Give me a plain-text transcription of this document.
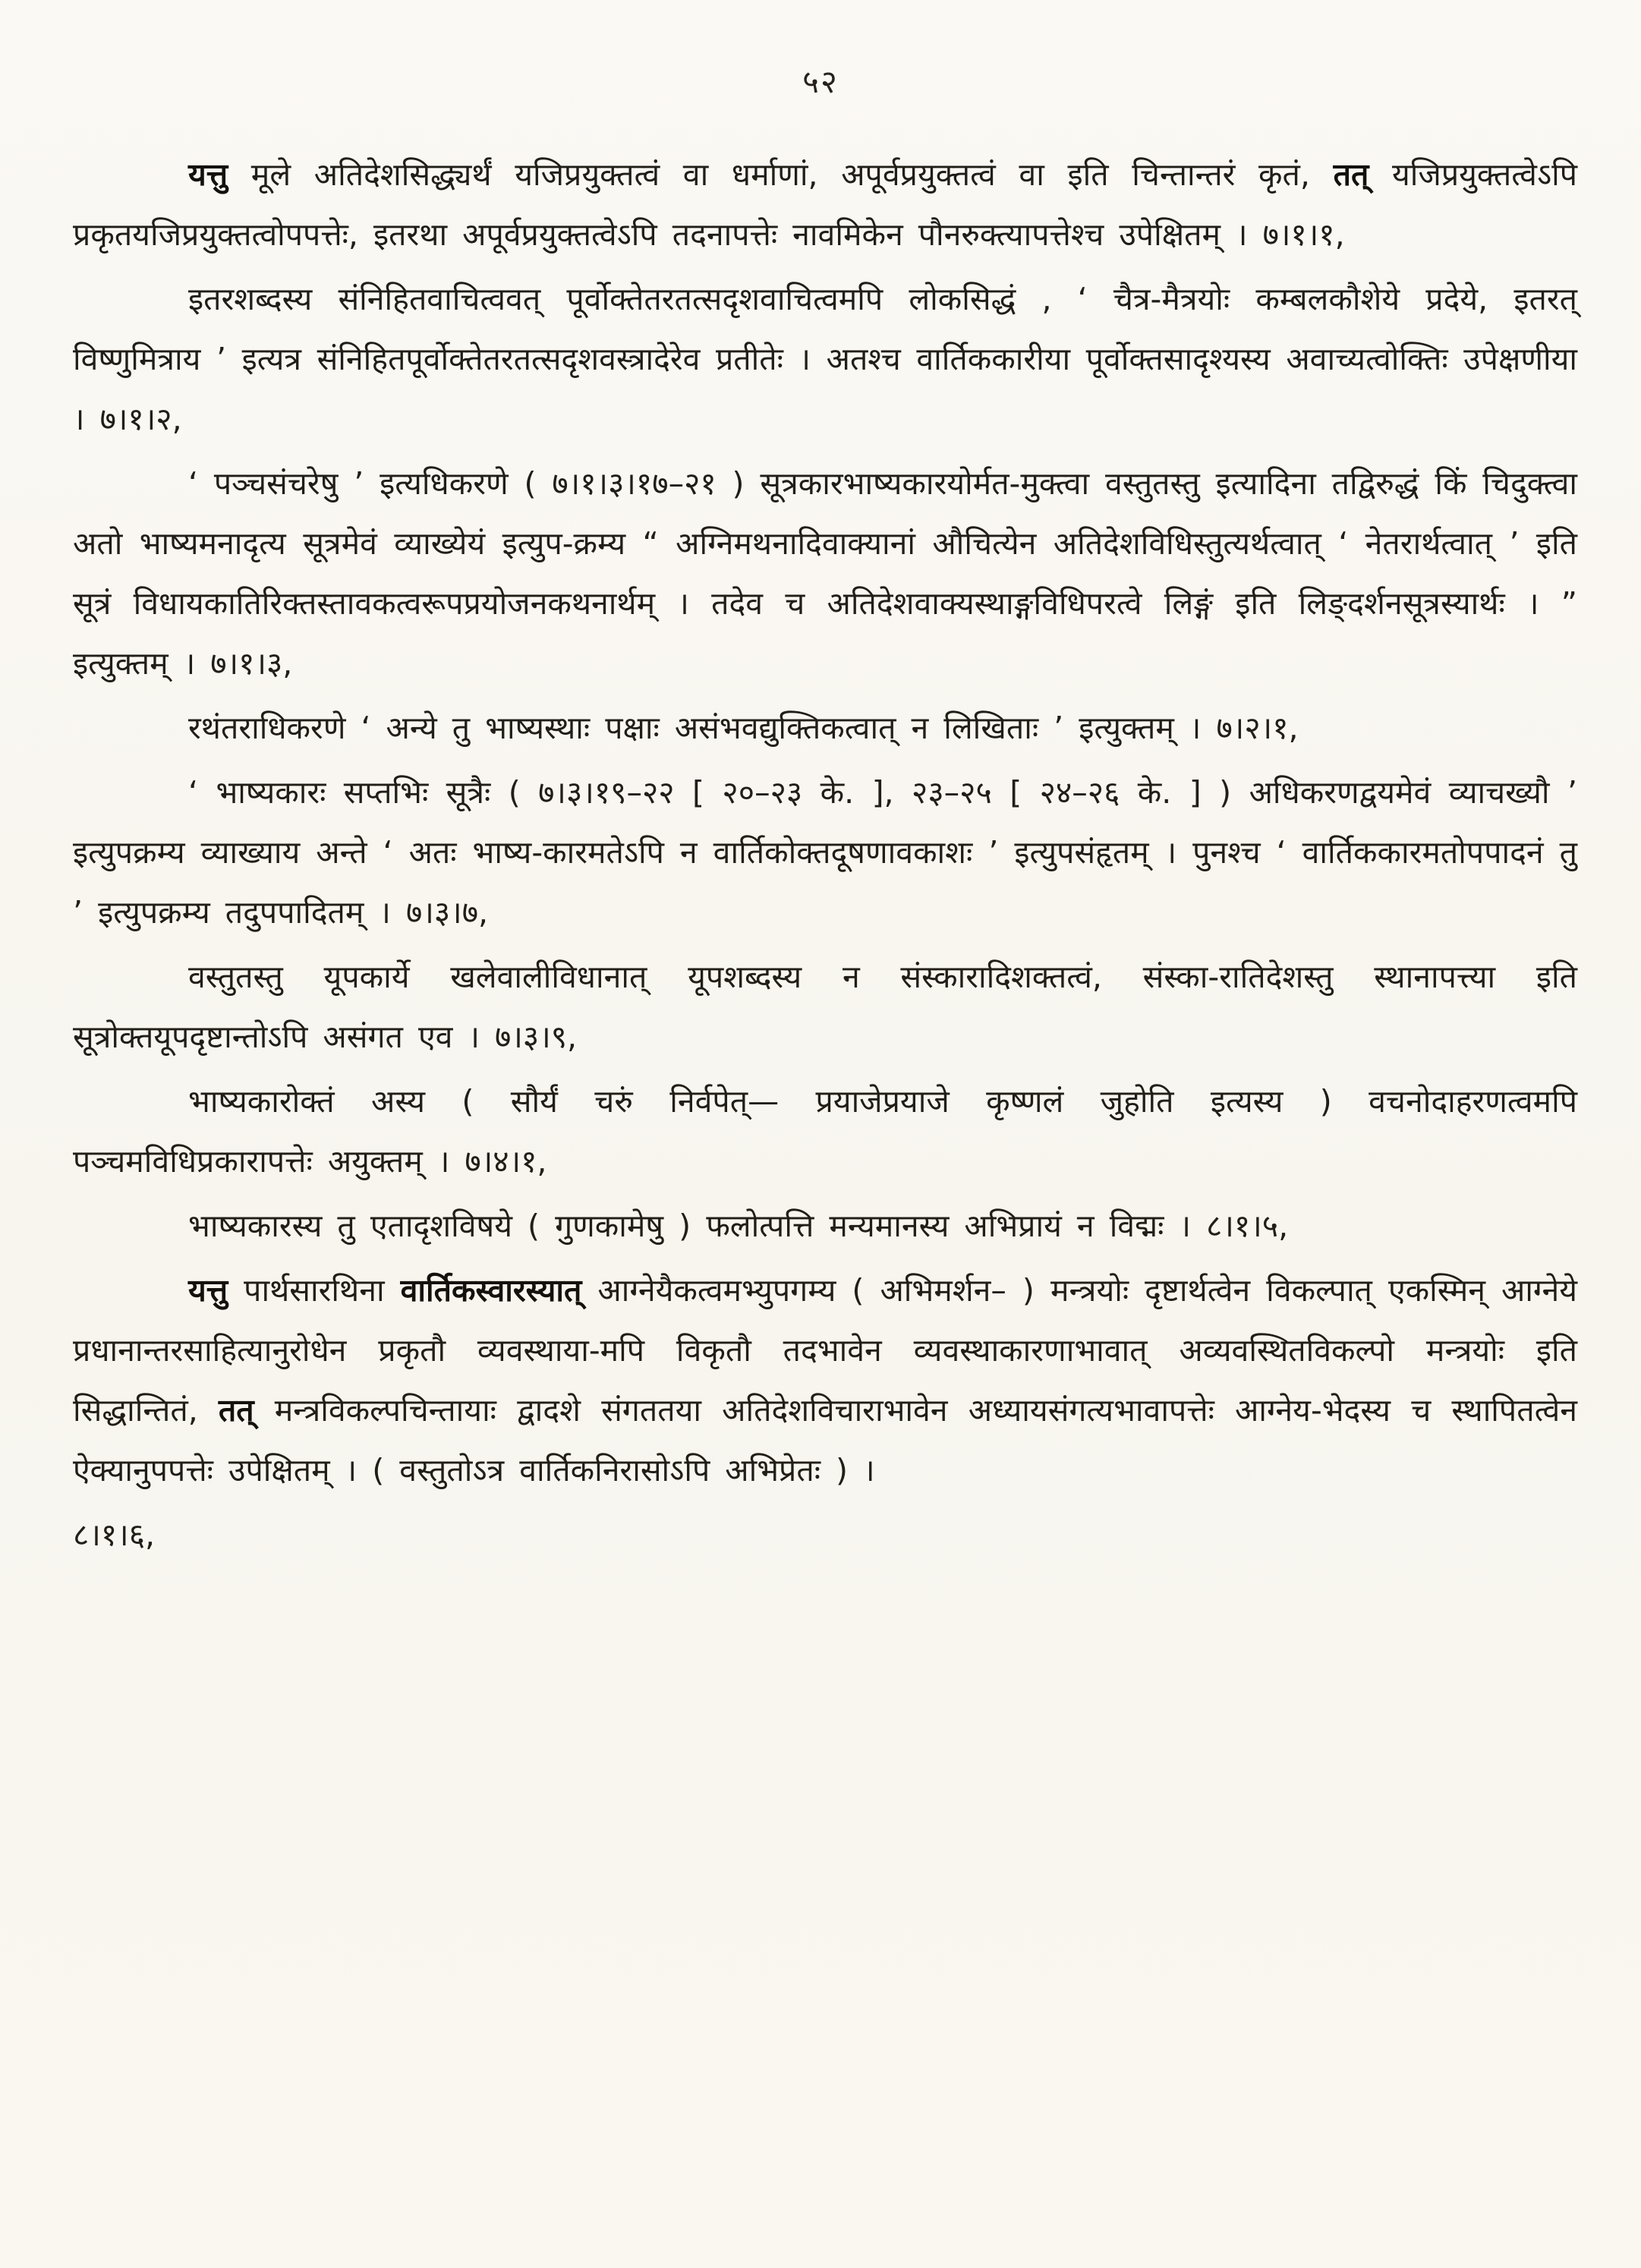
५२

यत्तु मूले अतिदेशसिद्ध्यर्थं यजिप्रयुक्तत्वं वा धर्माणां, अपूर्वप्रयुक्तत्वं वा इति चिन्तान्तरं कृतं, तत् यजिप्रयुक्तत्वेऽपि प्रकृतयजिप्रयुक्तत्वोपपत्तेः, इतरथा अपूर्वप्रयुक्तत्वेऽपि तदनापत्तेः नावमिकेन पौनरुक्त्यापत्तेश्च उपेक्षितम् । ७।१।१,

इतरशब्दस्य संनिहितवाचित्ववत् पूर्वोक्तेतरतत्सदृशवाचित्वमपि लोकसिद्धं , ‘ चैत्र-मैत्रयोः कम्बलकौशेये प्रदेये, इतरत् विष्णुमित्राय ’ इत्यत्र संनिहितपूर्वोक्तेतरतत्सदृशवस्त्रादेरेव प्रतीतेः । अतश्च वार्तिककारीया पूर्वोक्तसादृश्यस्य अवाच्यत्वोक्तिः उपेक्षणीया । ७।१।२,

‘ पञ्चसंचरेषु ’ इत्यधिकरणे ( ७।१।३।१७–२१ ) सूत्रकारभाष्यकारयोर्मत-मुक्त्वा वस्तुतस्तु इत्यादिना तद्विरुद्धं किं चिदुक्त्वा अतो भाष्यमनादृत्य सूत्रमेवं व्याख्येयं इत्युप-क्रम्य “ अग्निमथनादिवाक्यानां औचित्येन अतिदेशविधिस्तुत्यर्थत्वात् ‘ नेतरार्थत्वात् ’ इति सूत्रं विधायकातिरिक्तस्तावकत्वरूपप्रयोजनकथनार्थम् । तदेव च अतिदेशवाक्यस्थाङ्गविधिपरत्वे लिङ्गं इति लिङ्दर्शनसूत्रस्यार्थः । ” इत्युक्तम् । ७।१।३,

रथंतराधिकरणे ‘ अन्ये तु भाष्यस्थाः पक्षाः असंभवद्युक्तिकत्वात् न लिखिताः ’ इत्युक्तम् । ७।२।१,

‘ भाष्यकारः सप्तभिः सूत्रैः ( ७।३।१९–२२ [ २०–२३ के. ], २३–२५ [ २४–२६ के. ] ) अधिकरणद्वयमेवं व्याचख्यौ ’ इत्युपक्रम्य व्याख्याय अन्ते ‘ अतः भाष्य-कारमतेऽपि न वार्तिकोक्तदूषणावकाशः ’ इत्युपसंहृतम् । पुनश्च ‘ वार्तिककारमतोपपादनं तु ’ इत्युपक्रम्य तदुपपादितम् । ७।३।७,

वस्तुतस्तु यूपकार्ये खलेवालीविधानात् यूपशब्दस्य न संस्कारादिशक्तत्वं, संस्का-रातिदेशस्तु स्थानापत्त्या इति सूत्रोक्तयूपदृष्टान्तोऽपि असंगत एव । ७।३।९,

भाष्यकारोक्तं अस्य ( सौर्यं चरुं निर्वपेत्— प्रयाजेप्रयाजे कृष्णलं जुहोति इत्यस्य ) वचनोदाहरणत्वमपि पञ्चमविधिप्रकारापत्तेः अयुक्तम् । ७।४।१,

भाष्यकारस्य तु एतादृशविषये ( गुणकामेषु ) फलोत्पत्ति मन्यमानस्य अभिप्रायं न विद्मः । ८।१।५,

यत्तु पार्थसारथिना वार्तिकस्वारस्यात् आग्नेयैकत्वमभ्युपगम्य ( अभिमर्शन– ) मन्त्रयोः दृष्टार्थत्वेन विकल्पात् एकस्मिन् आग्नेये प्रधानान्तरसाहित्यानुरोधेन प्रकृतौ व्यवस्थाया-मपि विकृतौ तदभावेन व्यवस्थाकारणाभावात् अव्यवस्थितविकल्पो मन्त्रयोः इति सिद्धान्तितं, तत् मन्त्रविकल्पचिन्तायाः द्वादशे संगततया अतिदेशविचाराभावेन अध्यायसंगत्यभावापत्तेः आग्नेय-भेदस्य च स्थापितत्वेन ऐक्यानुपपत्तेः उपेक्षितम् । ( वस्तुतोऽत्र वार्तिकनिरासोऽपि अभिप्रेतः ) ।

८।१।६,
